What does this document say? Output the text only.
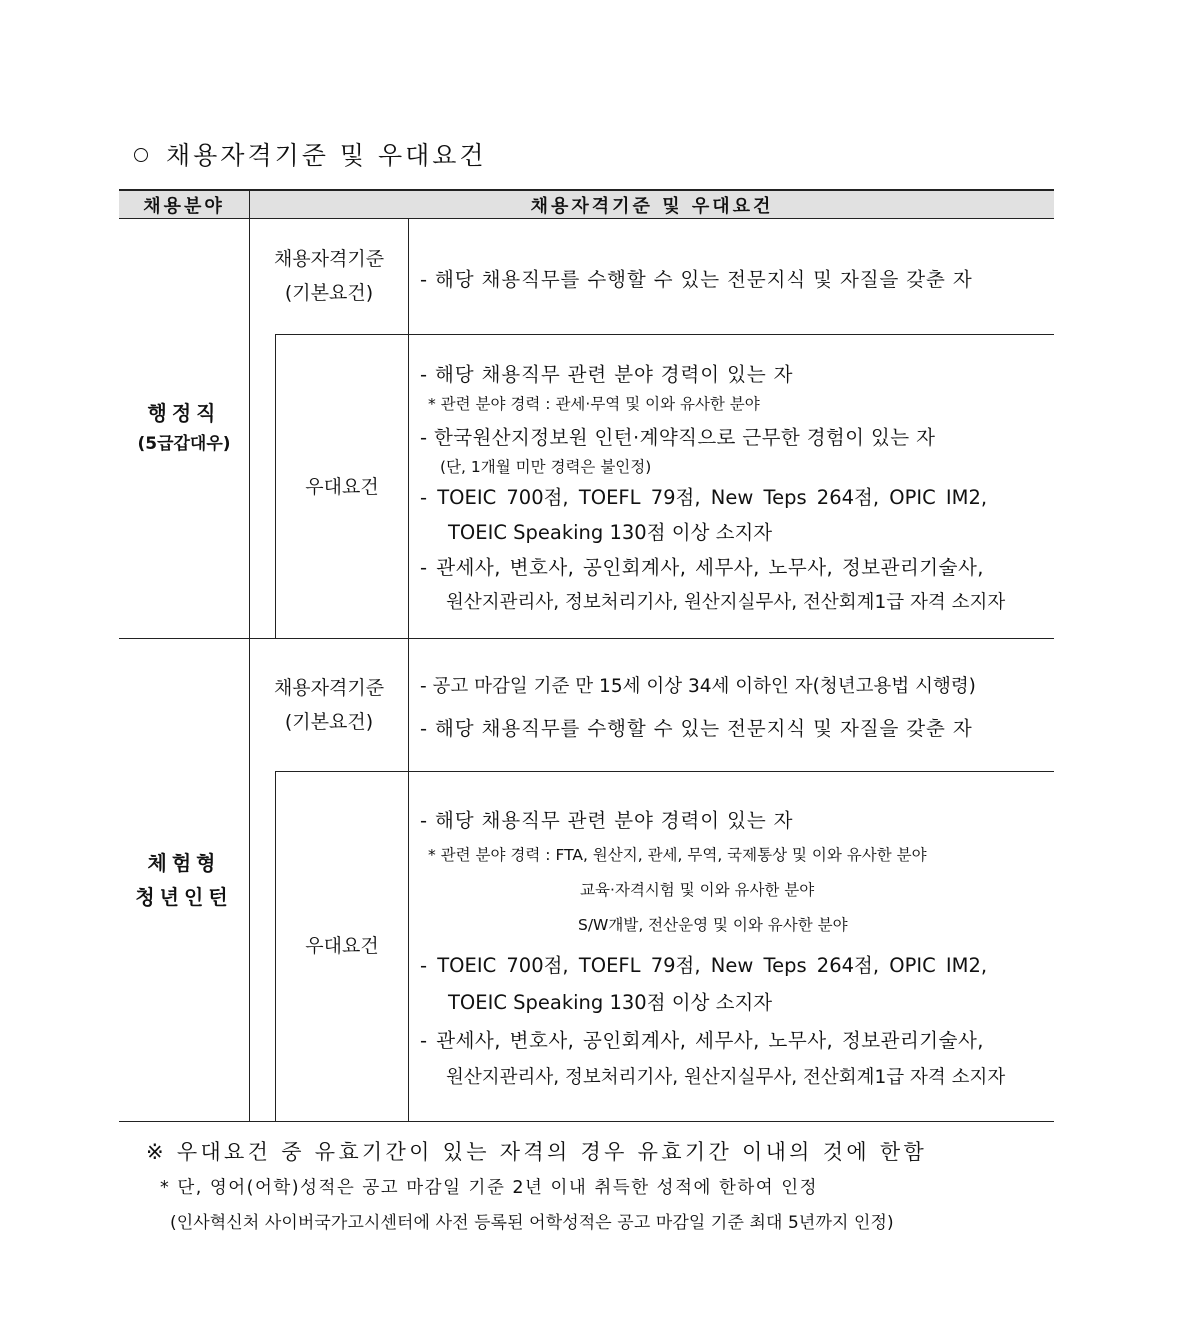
채용자격기준 및 우대요건
채용분야	채용자격기준 및 우대요건
행정직
(5급갑대우)
채용자격기준
(기본요건)
- 해당 채용직무를 수행할 수 있는 전문지식 및 자질을 갖춘 자
우대요건
- 해당 채용직무 관련 분야 경력이 있는 자
* 관련 분야 경력 : 관세·무역 및 이와 유사한 분야
- 한국원산지정보원 인턴·계약직으로 근무한 경험이 있는 자
(단, 1개월 미만 경력은 불인정)
- TOEIC 700점, TOEFL 79점, New Teps 264점, OPIC IM2,
TOEIC Speaking 130점 이상 소지자
- 관세사, 변호사, 공인회계사, 세무사, 노무사, 정보관리기술사,
원산지관리사, 정보처리기사, 원산지실무사, 전산회계1급 자격 소지자
체험형
청년인턴
채용자격기준
(기본요건)
- 공고 마감일 기준 만 15세 이상 34세 이하인 자(청년고용법 시행령)
- 해당 채용직무를 수행할 수 있는 전문지식 및 자질을 갖춘 자
우대요건
- 해당 채용직무 관련 분야 경력이 있는 자
* 관련 분야 경력 : FTA, 원산지, 관세, 무역, 국제통상 및 이와 유사한 분야
교육·자격시험 및 이와 유사한 분야
S/W개발, 전산운영 및 이와 유사한 분야
- TOEIC 700점, TOEFL 79점, New Teps 264점, OPIC IM2,
TOEIC Speaking 130점 이상 소지자
- 관세사, 변호사, 공인회계사, 세무사, 노무사, 정보관리기술사,
원산지관리사, 정보처리기사, 원산지실무사, 전산회계1급 자격 소지자
※ 우대요건 중 유효기간이 있는 자격의 경우 유효기간 이내의 것에 한함
* 단, 영어(어학)성적은 공고 마감일 기준 2년 이내 취득한 성적에 한하여 인정
(인사혁신처 사이버국가고시센터에 사전 등록된 어학성적은 공고 마감일 기준 최대 5년까지 인정)
